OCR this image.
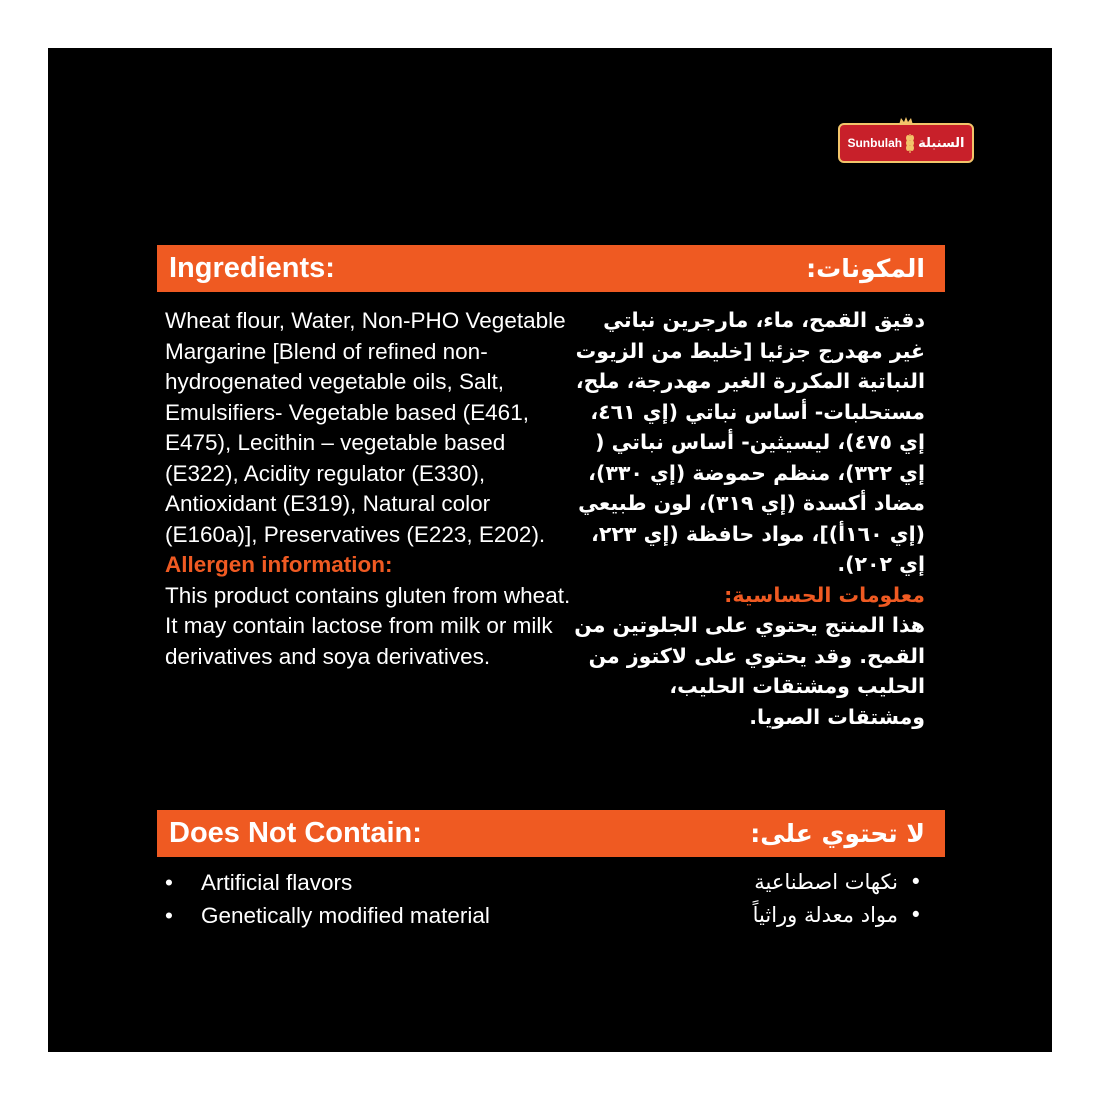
Sunbulah السنبلة
Ingredients:	المكونات:

Wheat flour, Water, Non-PHO Vegetable Margarine [Blend of refined non-hydrogenated vegetable oils, Salt, Emulsifiers- Vegetable based (E461, E475), Lecithin – vegetable based (E322), Acidity regulator (E330), Antioxidant (E319), Natural color (E160a)], Preservatives (E223, E202).

Allergen information:

This product contains gluten from wheat. It may contain lactose from milk or milk derivatives and soya derivatives.

دقيق القمح، ماء، مارجرين نباتي غير مهدرج جزئيا [خليط من الزيوت النباتية المكررة الغير مهدرجة، ملح، مستحلبات- أساس نباتي (إي ٤٦١، إي ٤٧٥)، ليسيثين- أساس نباتي ( إي ٣٢٢)، منظم حموضة (إي ٣٣٠)، مضاد أكسدة (إي ٣١٩)، لون طبيعي (إي ١٦٠أ)]، مواد حافظة (إي ٢٢٣، إي ٢٠٢).

معلومات الحساسية:

هذا المنتج يحتوي على الجلوتين من القمح. وقد يحتوي على لاكتوز من الحليب ومشتقات الحليب، ومشتقات الصويا.

Does Not Contain:	لا تحتوي على:
•	Artificial flavors
•	Genetically modified material
•
نكهات اصطناعية
•
مواد معدلة وراثياً
